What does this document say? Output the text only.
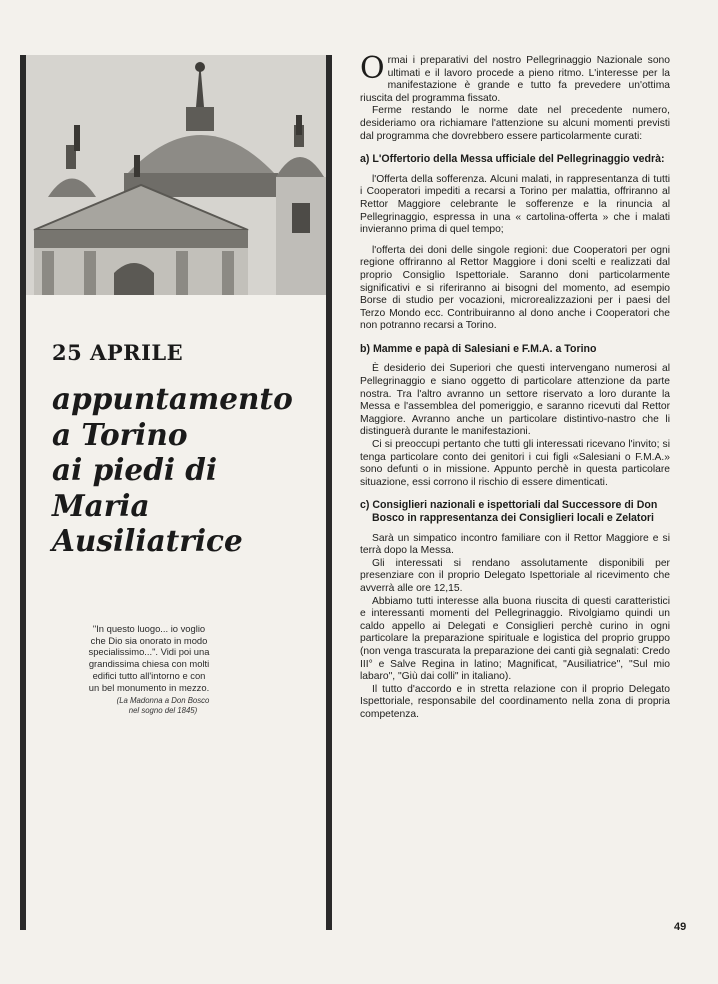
25 APRILE
appuntamento
a Torino
ai piedi di
Maria
Ausiliatrice
"In questo luogo... io voglio
che Dio sia onorato in modo
specialissimo...". Vidi poi una
grandissima chiesa con molti
edifici tutto all'intorno e con
un bel monumento in mezzo.
(La Madonna a Don Bosco
nel sogno del 1845)

Ormai i preparativi del nostro Pellegrinaggio Nazionale sono ultimati e il lavoro procede a pieno ritmo. L'interesse per la manifestazione è grande e tutto fa prevedere un'ottima riuscita del programma fissato.

Ferme restando le norme date nel precedente numero, desideriamo ora richiamare l'attenzione su alcuni momenti previsti dal programma che dovrebbero essere particolarmente curati:

a) L'Offertorio della Messa ufficiale del Pellegrinaggio vedrà:

l'Offerta della sofferenza. Alcuni malati, in rappresentanza di tutti i Cooperatori impediti a recarsi a Torino per malattia, offriranno al Rettor Maggiore celebrante le sofferenze e la rinuncia al Pellegrinaggio, espressa in una « cartolina-offerta » che i malati invieranno prima di quel tempo;

l'offerta dei doni delle singole regioni: due Cooperatori per ogni regione offriranno al Rettor Maggiore i doni scelti e realizzati dal proprio Consiglio Ispettoriale. Saranno doni particolarmente significativi e si riferiranno ai bisogni del momento, ad esempio Borse di studio per vocazioni, microrealizzazioni per i paesi del Terzo Mondo ecc. Contribuiranno al dono anche i Cooperatori che non potranno recarsi a Torino.

b) Mamme e papà di Salesiani e F.M.A. a Torino

È desiderio dei Superiori che questi intervengano numerosi al Pellegrinaggio e siano oggetto di particolare attenzione da parte nostra. Tra l'altro avranno un settore riservato a loro durante la Messa e l'assemblea del pomeriggio, e saranno ricevuti dal Rettor Maggiore. Avranno anche un particolare distintivo-nastro che li distinguerà durante le manifestazioni.

Ci si preoccupi pertanto che tutti gli interessati ricevano l'invito; si tenga particolare conto dei genitori i cui figli «Salesiani o F.M.A.» sono defunti o in missione. Appunto perchè in questa particolare situazione, essi corrono il rischio di essere dimenticati.

c) Consiglieri nazionali e ispettoriali dal Successore di Don Bosco in rappresentanza dei Consiglieri locali e Zelatori

Sarà un simpatico incontro familiare con il Rettor Maggiore e si terrà dopo la Messa.

Gli interessati si rendano assolutamente disponibili per presenziare con il proprio Delegato Ispettoriale al ricevimento che avverrà alle ore 12,15.

Abbiamo tutti interesse alla buona riuscita di questi caratteristici e interessanti momenti del Pellegrinaggio. Rivolgiamo quindi un caldo appello ai Delegati e Consiglieri perchè curino in ogni particolare la preparazione spirituale e logistica del proprio gruppo (non venga trascurata la preparazione dei canti già segnalati: Credo III° e Salve Regina in latino; Magnificat, "Ausiliatrice", "Sul mio labaro", "Giù dai colli" in italiano).

Il tutto d'accordo e in stretta relazione con il proprio Delegato Ispettoriale, responsabile del coordinamento nella zona di propria competenza.

49
